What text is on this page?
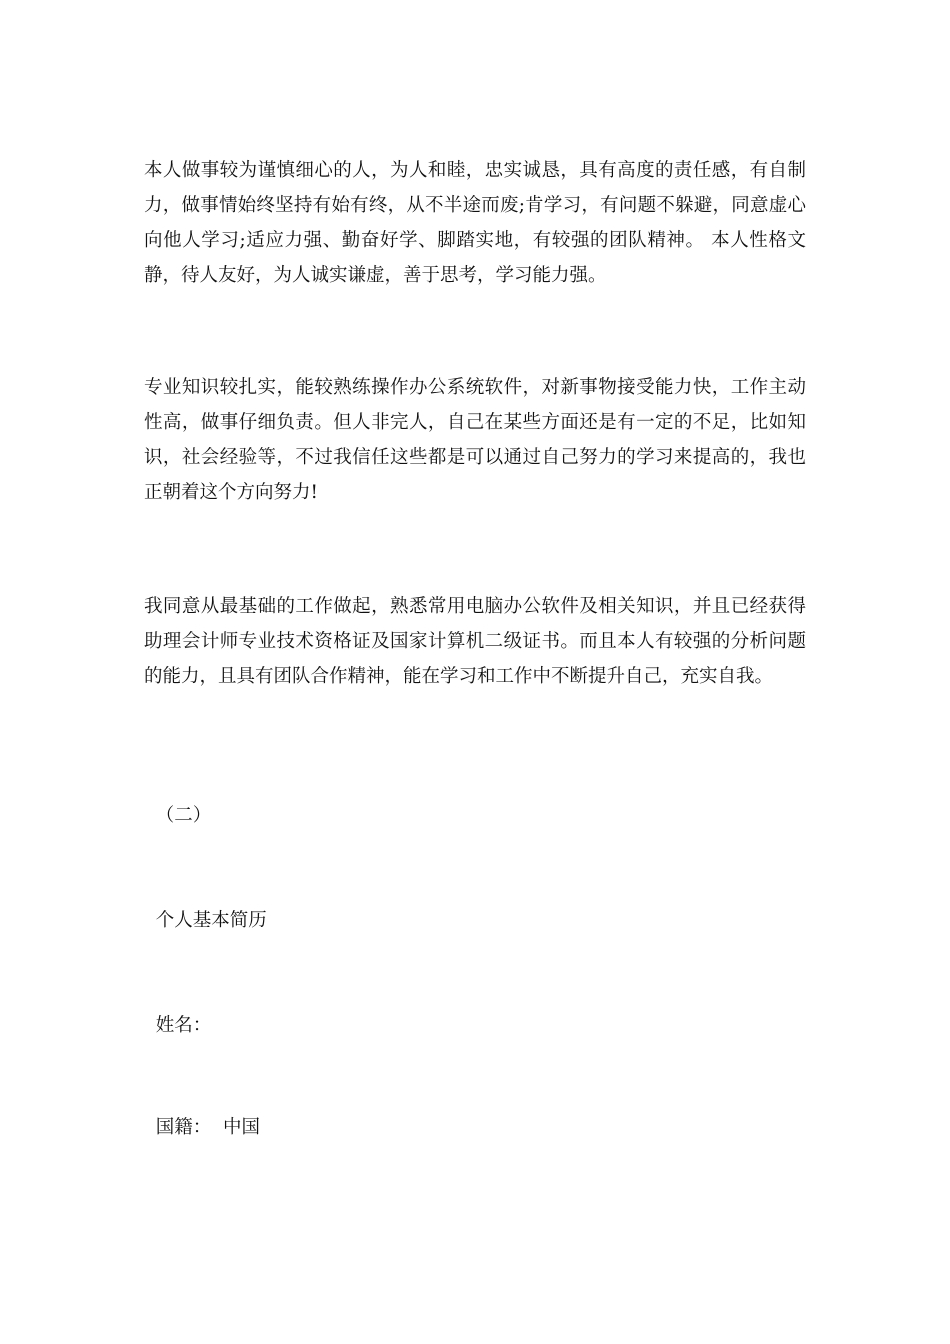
本人做事较为谨慎细心的人，为人和睦，忠实诚恳，具有高度的责任感，有自制力，做事情始终坚持有始有终，从不半途而废;肯学习，有问题不躲避，同意虚心向他人学习;适应力强、勤奋好学、脚踏实地，有较强的团队精神。 本人性格文静，待人友好，为人诚实谦虚，善于思考，学习能力强。

专业知识较扎实，能较熟练操作办公系统软件，对新事物接受能力快，工作主动性高，做事仔细负责。但人非完人，自己在某些方面还是有一定的不足，比如知识，社会经验等，不过我信任这些都是可以通过自己努力的学习来提高的，我也正朝着这个方向努力!

我同意从最基础的工作做起，熟悉常用电脑办公软件及相关知识，并且已经获得助理会计师专业技术资格证及国家计算机二级证书。而且本人有较强的分析问题的能力，且具有团队合作精神，能在学习和工作中不断提升自己，充实自我。

（二）

个人基本简历

姓名：

国籍：  中国
